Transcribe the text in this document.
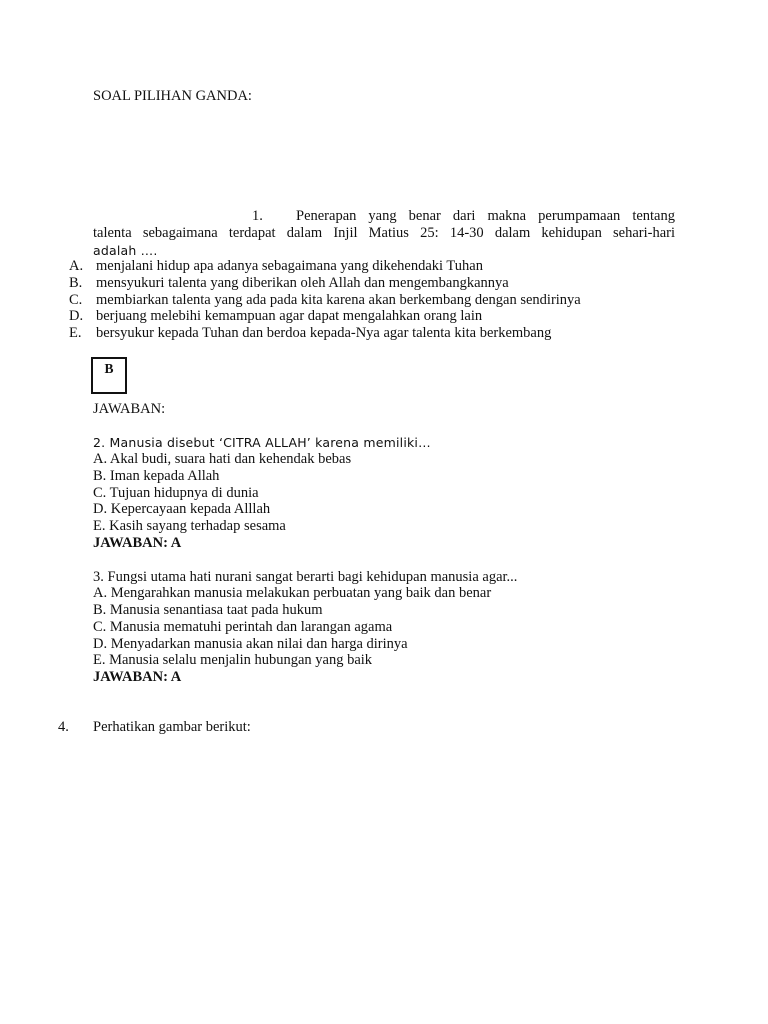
SOAL PILIHAN GANDA:
1. Penerapan yang benar dari makna perumpamaan tentang
talenta sebagaimana terdapat dalam Injil Matius 25: 14-30 dalam kehidupan sehari-hari
adalah ….
A. menjalani hidup apa adanya sebagaimana yang dikehendaki Tuhan
B. mensyukuri talenta yang diberikan oleh Allah dan mengembangkannya
C. membiarkan talenta yang ada pada kita karena akan berkembang dengan sendirinya
D. berjuang melebihi kemampuan agar dapat mengalahkan orang lain
E.	bersyukur kepada Tuhan dan berdoa kepada-Nya agar talenta kita berkembang
B
JAWABAN:
2. Manusia disebut ‘CITRA ALLAH’ karena memiliki…
A. Akal budi, suara hati dan kehendak bebas
B. Iman kepada Allah
C. Tujuan hidupnya di dunia
D. Kepercayaan kepada Alllah
E. Kasih sayang terhadap sesama
JAWABAN: A
3. Fungsi utama hati nurani sangat berarti bagi kehidupan manusia agar...
A. Mengarahkan manusia melakukan perbuatan yang baik dan benar
B. Manusia senantiasa taat pada hukum
C. Manusia mematuhi perintah dan larangan agama
D. Menyadarkan manusia akan nilai dan harga dirinya
E. Manusia selalu menjalin hubungan yang baik
JAWABAN: A
4. Perhatikan gambar berikut:
